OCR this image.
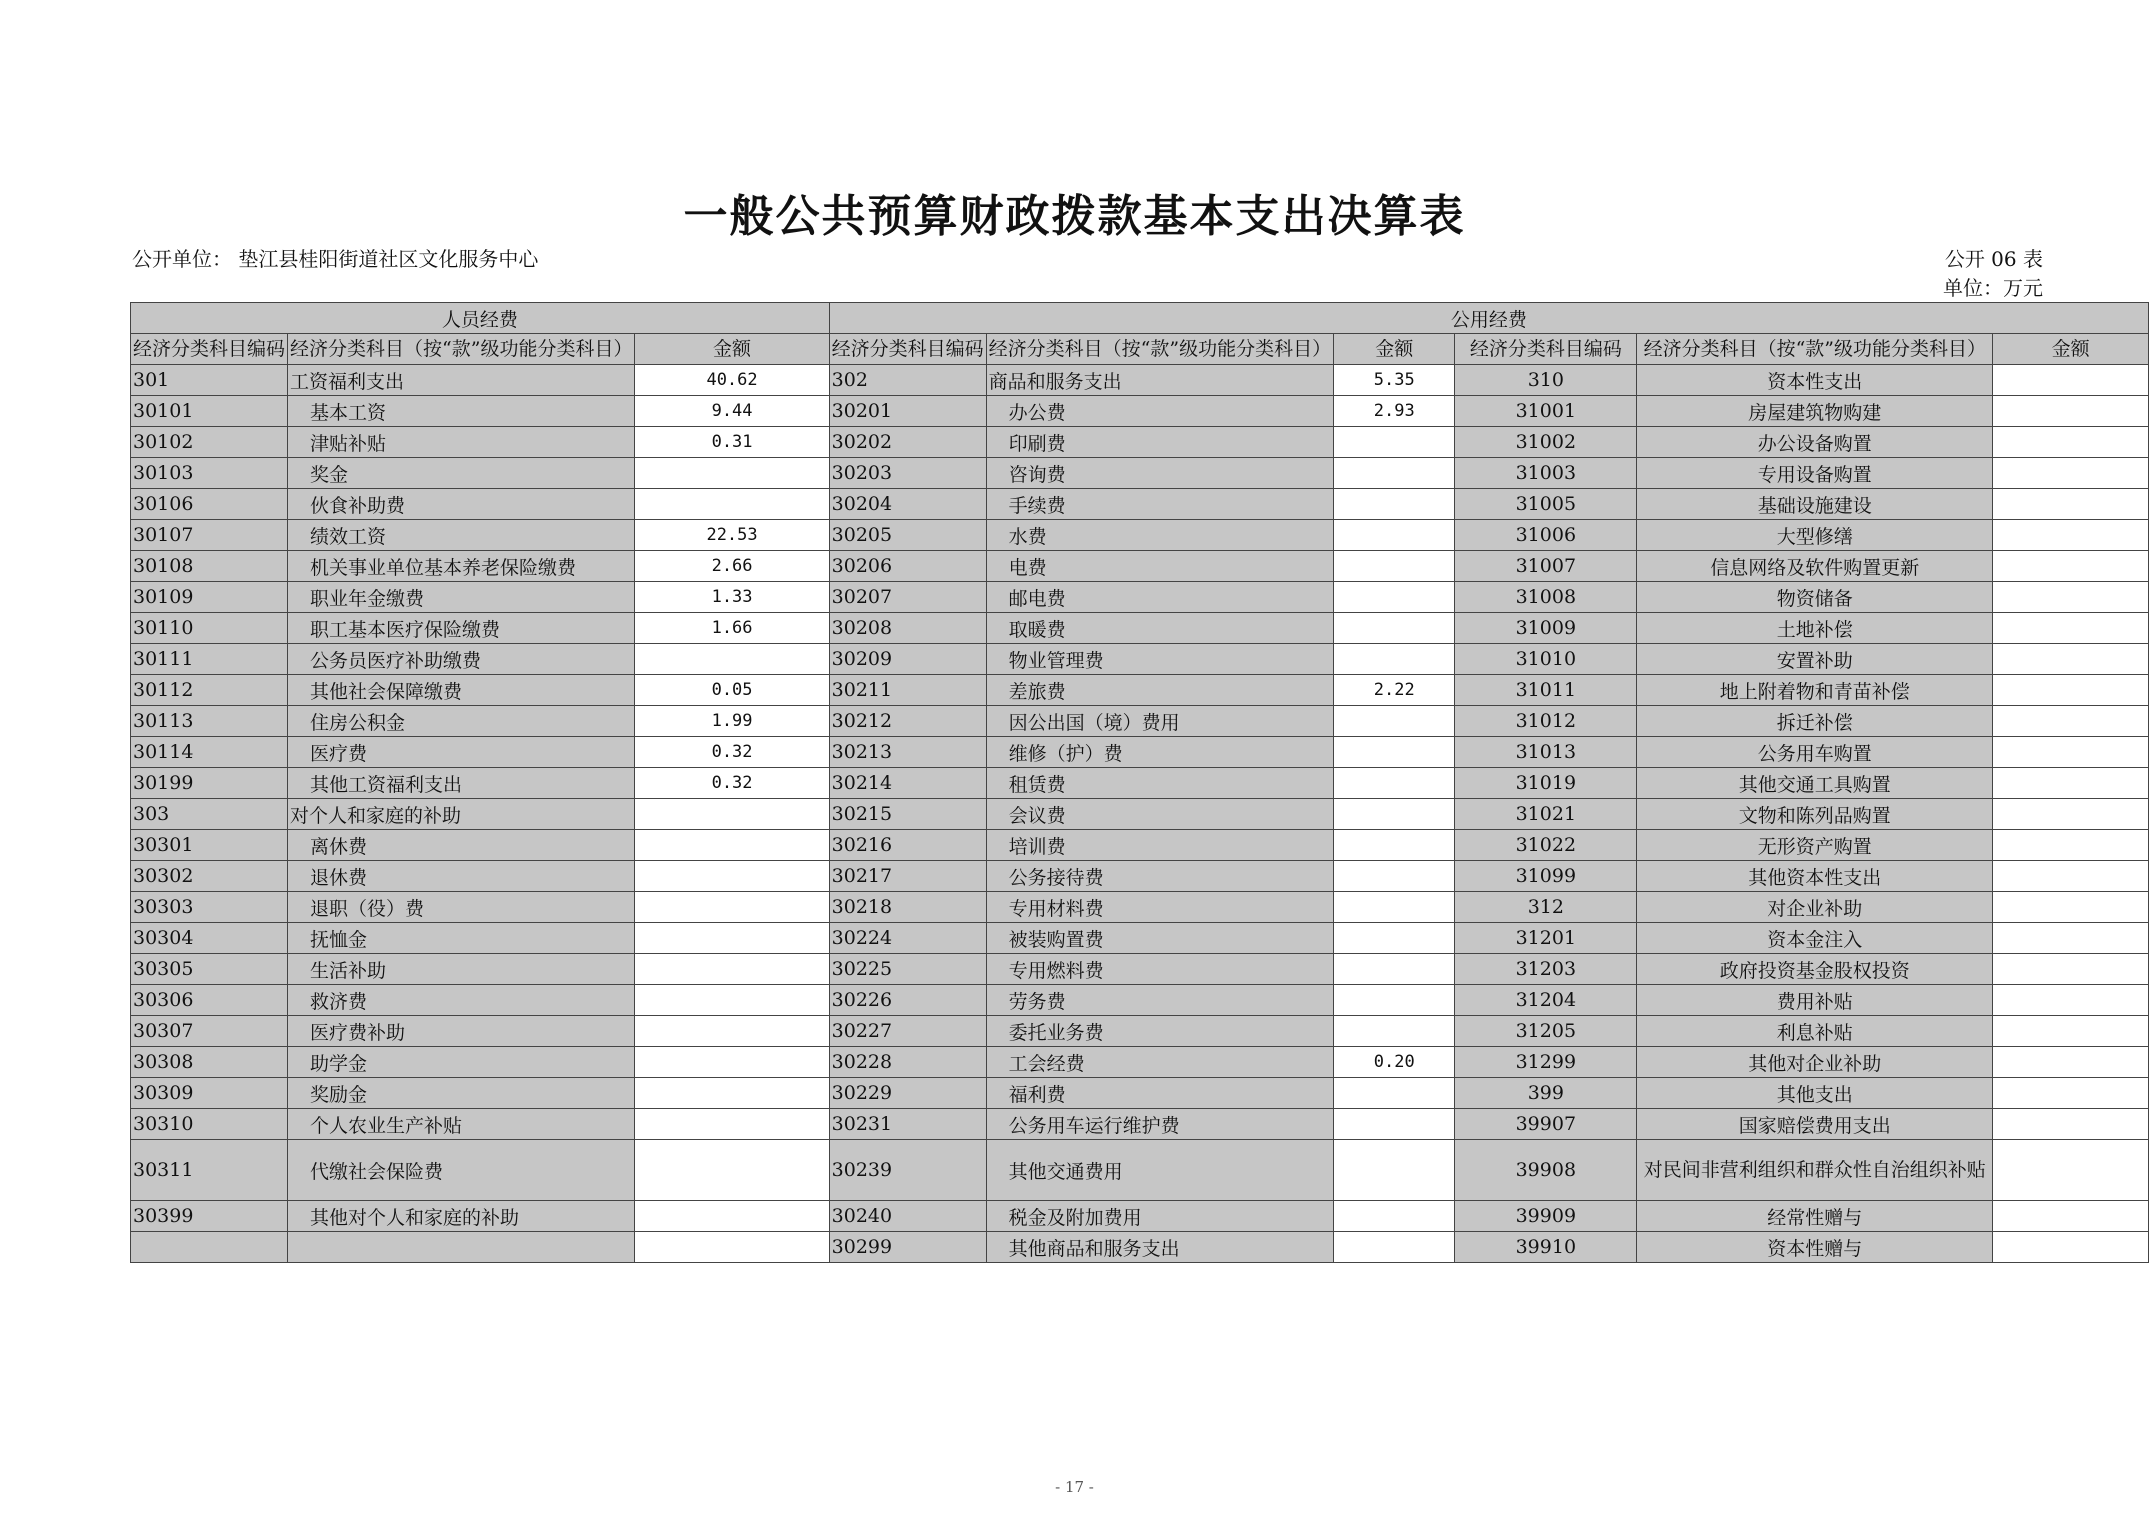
一般公共预算财政拨款基本支出决算表
公开单位： 垫江县桂阳街道社区文化服务中心	公开 06 表
单位：万元
人员经费			公用经费					
经济分类科目编码	经济分类科目（按“款”级功能分类科目）	金额	经济分类科目编码	经济分类科目（按“款”级功能分类科目）	金额	经济分类科目编码	经济分类科目（按“款”级功能分类科目）	金额
301	工资福利支出	40.62	302	商品和服务支出	5.35	310	资本性支出	
30101	基本工资	9.44	30201	办公费	2.93	31001	房屋建筑物购建	
30102	津贴补贴	0.31	30202	印刷费		31002	办公设备购置	
30103	奖金		30203	咨询费		31003	专用设备购置	
30106	伙食补助费		30204	手续费		31005	基础设施建设	
30107	绩效工资	22.53	30205	水费		31006	大型修缮	
30108	机关事业单位基本养老保险缴费	2.66	30206	电费		31007	信息网络及软件购置更新	
30109	职业年金缴费	1.33	30207	邮电费		31008	物资储备	
30110	职工基本医疗保险缴费	1.66	30208	取暖费		31009	土地补偿	
30111	公务员医疗补助缴费		30209	物业管理费		31010	安置补助	
30112	其他社会保障缴费	0.05	30211	差旅费	2.22	31011	地上附着物和青苗补偿	
30113	住房公积金	1.99	30212	因公出国（境）费用		31012	拆迁补偿	
30114	医疗费	0.32	30213	维修（护）费		31013	公务用车购置	
30199	其他工资福利支出	0.32	30214	租赁费		31019	其他交通工具购置	
303	对个人和家庭的补助		30215	会议费		31021	文物和陈列品购置	
30301	离休费		30216	培训费		31022	无形资产购置	
30302	退休费		30217	公务接待费		31099	其他资本性支出	
30303	退职（役）费		30218	专用材料费		312	对企业补助	
30304	抚恤金		30224	被装购置费		31201	资本金注入	
30305	生活补助		30225	专用燃料费		31203	政府投资基金股权投资	
30306	救济费		30226	劳务费		31204	费用补贴	
30307	医疗费补助		30227	委托业务费		31205	利息补贴	
30308	助学金		30228	工会经费	0.20	31299	其他对企业补助	
30309	奖励金		30229	福利费		399	其他支出	
30310	个人农业生产补贴		30231	公务用车运行维护费		39907	国家赔偿费用支出	
30311	代缴社会保险费		30239	其他交通费用		39908	对民间非营利组织和群众性自治组织补贴	
30399	其他对个人和家庭的补助		30240	税金及附加费用		39909	经常性赠与	
			30299	其他商品和服务支出		39910	资本性赠与	
- 17 -
